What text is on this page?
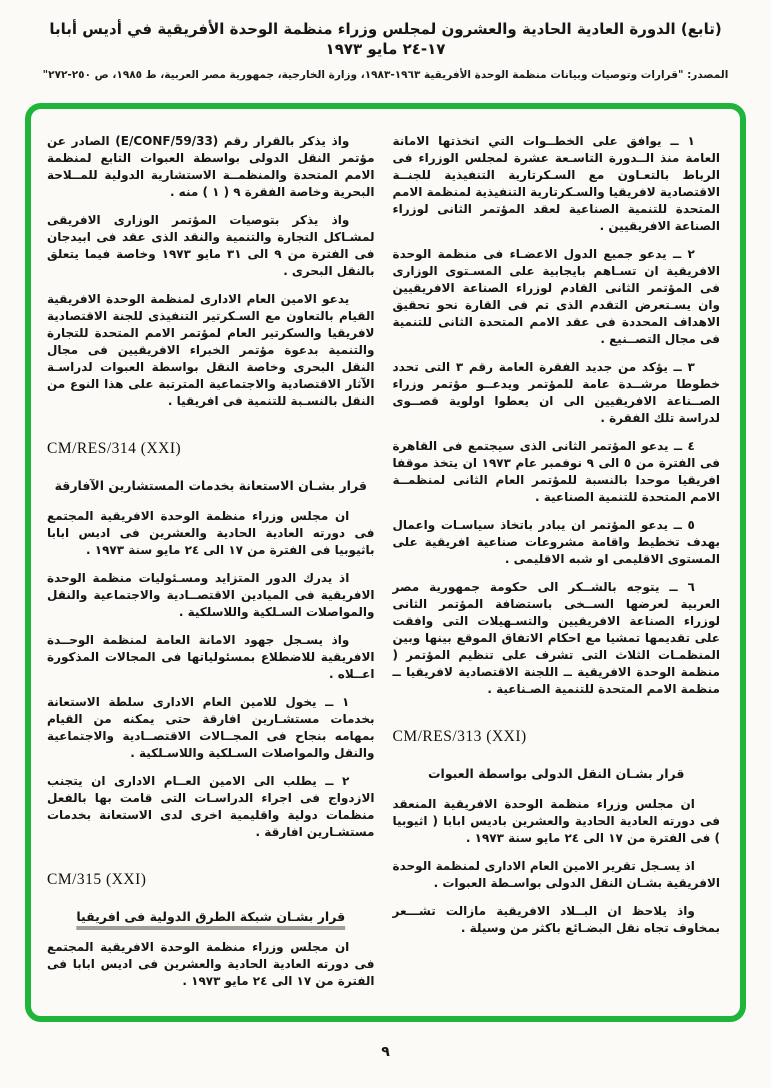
(تابع) الدورة العادية الحادية والعشرون لمجلس وزراء منظمة الوحدة الأفريقية في أديس أبابا ١٧-٢٤ مايو ١٩٧٣
المصدر: "قرارات وتوصيات وبيانات منظمة الوحدة الأفريقية ١٩٦٣-١٩٨٣، وزارة الخارجية، جمهورية مصر العربية، ط ١٩٨٥، ص ٢٥٠-٢٧٢"
١ ــ يوافق على الخطــوات التي اتخذتها الامانة العامة منذ الــدورة التاسـعة عشرة لمجلس الوزراء فى الرباط بالتعـاون مع السـكرتارية التنفيذية للجنــة الاقتصادية لافريقيا والسـكرتارية التنفيذية لمنظمة الامم المتحدة للتنمية الصناعية لعقد المؤتمر الثانى لوزراء الصناعة الافريقيين .
٢ ــ يدعو جميع الدول الاعضـاء فى منظمة الوحدة الافريقية ان تسـاهم بايجابية على المسـتوى الوزارى فى المؤتمر الثانى القادم لوزراء الصناعة الافريقيين وان يسـتعرض التقدم الذى تم فى القارة نحو تحقيق الاهداف المحددة فى عقد الامم المتحدة الثانى للتنمية فى مجال التصــنيع .
٣ ــ يؤكد من جديد الفقرة العامة رقم ٣ التى تحدد خطوطا مرشــدة عامة للمؤتمر ويدعــو مؤتمر وزراء الصــناعة الافريقيين الى ان يعطوا اولوية قصــوى لدراسة تلك الفقرة .
٤ ــ يدعو المؤتمر الثانى الذى سيجتمع فى القاهرة فى الفترة من ٥ الى ٩ نوفمبر عام ١٩٧٣ ان يتخذ موقفا افريقيا موحدا بالنسبة للمؤتمر العام الثانى لمنظمــة الامم المتحدة للتنمية الصناعية .
٥ ــ يدعو المؤتمر ان يبادر باتخاذ سياسـات واعمال بهدف تخطيط واقامة مشروعات صناعية افريقية على المستوى الاقليمى او شبه الاقليمى .
٦ ــ يتوجه بالشــكر الى حكومة جمهورية مصر العربية لعرضها الســخى باستضافة المؤتمر الثانى لوزراء الصناعة الافريقيين والتسـهيلات التى وافقت على تقديمها تمشيا مع احكام الاتفاق الموقع بينها وبين المنظمـات الثلاث التى تشرف على تنظيم المؤتمر ( منظمة الوحدة الافريقية ــ اللجنة الاقتصادية لافريقيا ــ منظمة الامم المتحدة للتنمية الصـناعية .
CM/RES/313 (XXI)
قرار بشـان النقل الدولى بواسطة العبوات
ان مجلس وزراء منظمة الوحدة الافريقية المنعقد فى دورته العادية الحادية والعشرين باديس ابابا ( اثيوبيا ) فى الفترة من ١٧ الى ٢٤ مايو سنة ١٩٧٣ .
اذ يسـجل تقرير الامين العام الادارى لمنظمة الوحدة الافريقية بشـان النقل الدولى بواسـطة العبوات .
واذ يلاحظ ان البــلاد الافريقية مازالت تشـــعر بمخاوف تجاه نقل البضـائع باكثر من وسيلة .
واذ يذكر بالقرار رقم (E/CONF/59/33) الصادر عن مؤتمر النقل الدولى بواسطة العبوات التابع لمنظمة الامم المتحدة والمنظمــة الاستشارية الدولية للمــلاحة البحرية وخاصة الفقرة ٩ ( ١ ) منه .
واذ يذكر بتوصيات المؤتمر الوزارى الافريقى لمشـاكل التجارة والتنمية والنقد الذى عقد فى ابيدجان فى الفترة من ٩ الى ٣١ مايو ١٩٧٣ وخاصة فيما يتعلق بالنقل البحرى .
يدعو الامين العام الادارى لمنظمة الوحدة الافريقية القيام بالتعاون مع السـكرتير التنفيذى للجنة الاقتصادية لافريقيا والسكرتير العام لمؤتمر الامم المتحدة للتجارة والتنمية بدعوة مؤتمر الخبراء الافريقيين فى مجال النقل البحرى وخاصة النقل بواسطة العبوات لدراسـة الآثار الاقتصادية والاجتماعية المترتبة على هذا النوع من النقل بالنسـبة للتنمية فى افريقيا .
CM/RES/314 (XXI)
قرار بشـان الاستعانة بخدمات المستشارين الآفارقة
ان مجلس وزراء منظمة الوحدة الافريقية المجتمع فى دورته العادية الحادية والعشرين فى اديس ابابا باثيوبيا فى الفترة من ١٧ الى ٢٤ مايو سنة ١٩٧٣ .
اذ يدرك الدور المتزايد ومسـئوليات منظمة الوحدة الافريقية فى الميادين الاقتصــادية والاجتماعية والنقل والمواصلات السـلكية واللاسلكية .
واذ يسـجل جهود الامانة العامة لمنظمة الوحــدة الافريقية للاضطلاع بمسئولياتها فى المجالات المذكورة اعــلاه .
١ ــ يخول للامين العام الادارى سلطة الاستعانة بخدمات مستشـارين افارقة حتى يمكنه من القيام بمهامه بنجاح فى المجــالات الاقتصــادية والاجتماعية والنقل والمواصلات السـلكية واللاسـلكية .
٢ ــ يطلب الى الامين العــام الادارى ان يتجنب الازدواج فى اجراء الدراسـات التى قامت بها بالفعل منظمات دولية واقليمية اخرى لدى الاستعانة بخدمات مستشـارين افارقة .
CM/315 (XXI)
قرار بشـان شبكة الطرق الدولية فى افريقيا
ان مجلس وزراء منظمة الوحدة الافريقية المجتمع فى دورته العادية الحادية والعشرين فى اديس ابابا فى الفترة من ١٧ الى ٢٤ مايو ١٩٧٣ .
٩
